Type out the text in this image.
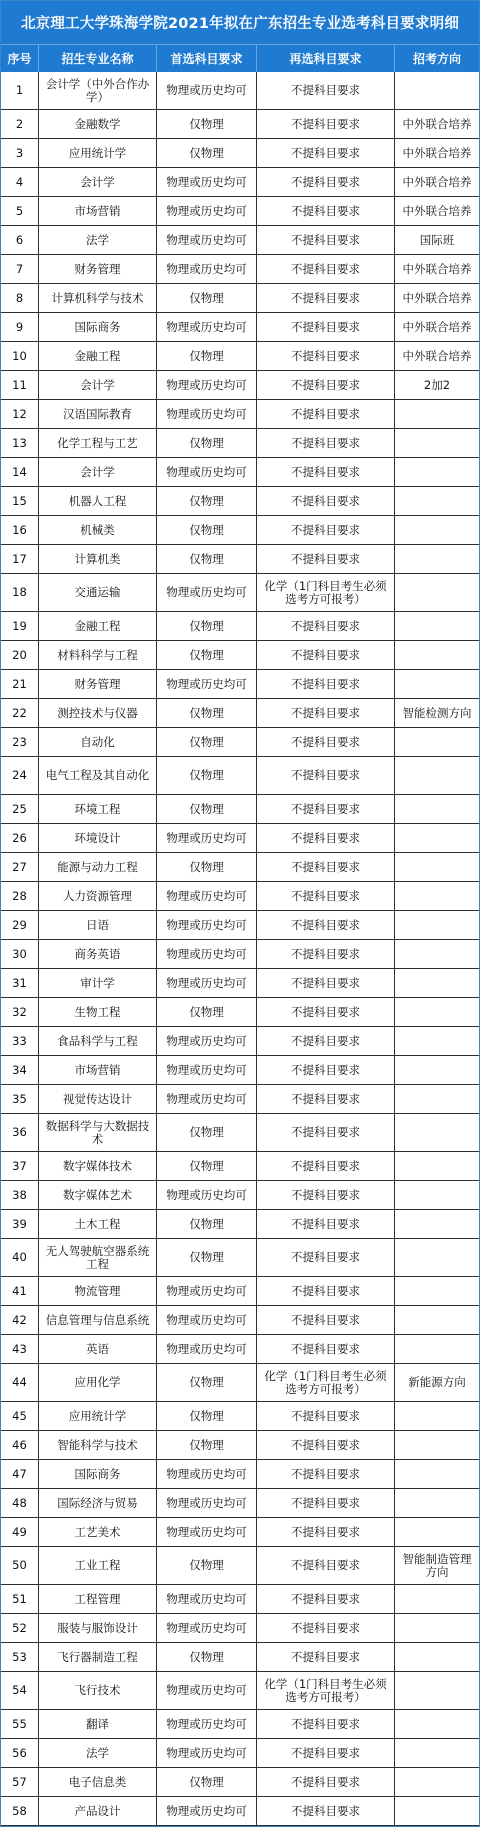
北京理工大学珠海学院2021年拟在广东招生专业选考科目要求明细
序号	招生专业名称	首选科目要求	再选科目要求	招考方向
1	会计学（中外合作办学）	物理或历史均可	不提科目要求
2	金融数学	仅物理	不提科目要求	中外联合培养
3	应用统计学	仅物理	不提科目要求	中外联合培养
4	会计学	物理或历史均可	不提科目要求	中外联合培养
5	市场营销	物理或历史均可	不提科目要求	中外联合培养
6	法学	物理或历史均可	不提科目要求	国际班
7	财务管理	物理或历史均可	不提科目要求	中外联合培养
8	计算机科学与技术	仅物理	不提科目要求	中外联合培养
9	国际商务	物理或历史均可	不提科目要求	中外联合培养
10	金融工程	仅物理	不提科目要求	中外联合培养
11	会计学	物理或历史均可	不提科目要求	2加2
12	汉语国际教育	物理或历史均可	不提科目要求
13	化学工程与工艺	仅物理	不提科目要求
14	会计学	物理或历史均可	不提科目要求
15	机器人工程	仅物理	不提科目要求
16	机械类	仅物理	不提科目要求
17	计算机类	仅物理	不提科目要求
18	交通运输	物理或历史均可	化学（1门科目考生必须选考方可报考）
19	金融工程	仅物理	不提科目要求
20	材料科学与工程	仅物理	不提科目要求
21	财务管理	物理或历史均可	不提科目要求
22	测控技术与仪器	仅物理	不提科目要求	智能检测方向
23	自动化	仅物理	不提科目要求
24	电气工程及其自动化	仅物理	不提科目要求
25	环境工程	仅物理	不提科目要求
26	环境设计	物理或历史均可	不提科目要求
27	能源与动力工程	仅物理	不提科目要求
28	人力资源管理	物理或历史均可	不提科目要求
29	日语	物理或历史均可	不提科目要求
30	商务英语	物理或历史均可	不提科目要求
31	审计学	物理或历史均可	不提科目要求
32	生物工程	仅物理	不提科目要求
33	食品科学与工程	物理或历史均可	不提科目要求
34	市场营销	物理或历史均可	不提科目要求
35	视觉传达设计	物理或历史均可	不提科目要求
36	数据科学与大数据技术	仅物理	不提科目要求
37	数字媒体技术	仅物理	不提科目要求
38	数字媒体艺术	物理或历史均可	不提科目要求
39	土木工程	仅物理	不提科目要求
40	无人驾驶航空器系统工程	仅物理	不提科目要求
41	物流管理	物理或历史均可	不提科目要求
42	信息管理与信息系统	物理或历史均可	不提科目要求
43	英语	物理或历史均可	不提科目要求
44	应用化学	仅物理	化学（1门科目考生必须选考方可报考）	新能源方向
45	应用统计学	仅物理	不提科目要求
46	智能科学与技术	仅物理	不提科目要求
47	国际商务	物理或历史均可	不提科目要求
48	国际经济与贸易	物理或历史均可	不提科目要求
49	工艺美术	物理或历史均可	不提科目要求
50	工业工程	仅物理	不提科目要求	智能制造管理方向
51	工程管理	物理或历史均可	不提科目要求
52	服装与服饰设计	物理或历史均可	不提科目要求
53	飞行器制造工程	仅物理	不提科目要求
54	飞行技术	物理或历史均可	化学（1门科目考生必须选考方可报考）
55	翻译	物理或历史均可	不提科目要求
56	法学	物理或历史均可	不提科目要求
57	电子信息类	仅物理	不提科目要求
58	产品设计	物理或历史均可	不提科目要求
